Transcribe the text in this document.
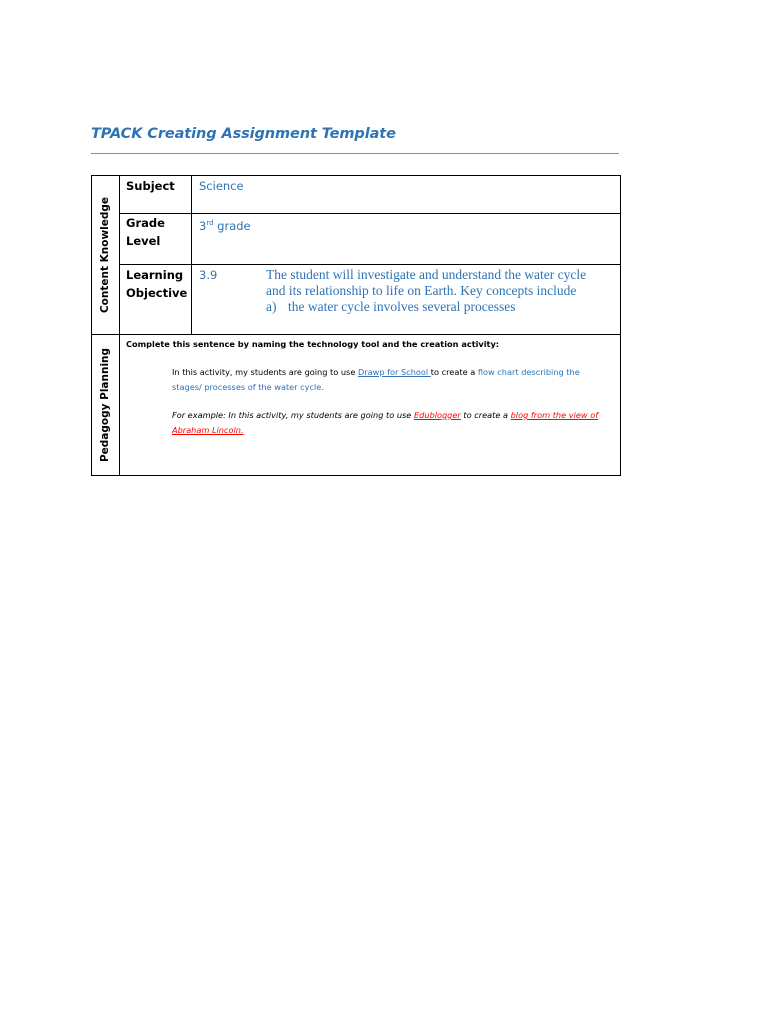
TPACK Creating Assignment Template
Content Knowledge
Pedagogy Planning
Subject Science
Grade
Level
3rd grade
Learning
Objective
3.9	The student will investigate and understand the water cycle
and its relationship to life on Earth. Key concepts include
a) the water cycle involves several processes
Complete this sentence by naming the technology tool and the creation activity:
In this activity, my students are going to use Drawp for School to create a flow chart describing the stages/ processes of the water cycle.
For example: In this activity, my students are going to use Edublogger to create a blog from the view of Abraham Lincoln.
